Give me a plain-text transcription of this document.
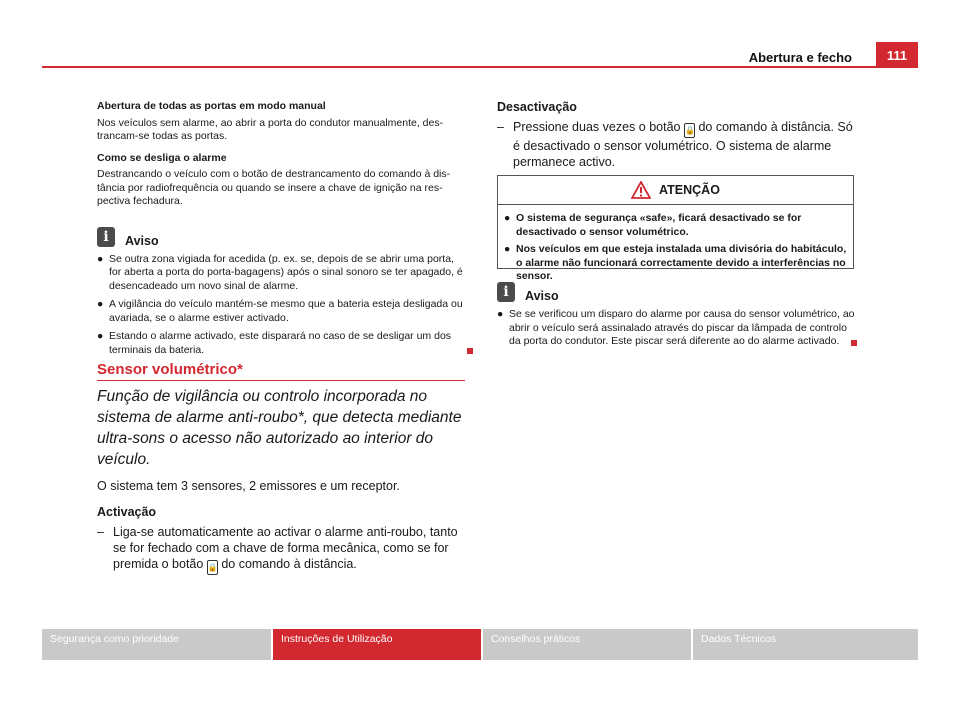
Abertura e fecho	111

Abertura de todas as portas em modo manual

Nos veículos sem alarme, ao abrir a porta do condutor manualmente, destrancam-se todas as portas.

Como se desliga o alarme

Destrancando o veículo com o botão de destrancamento do comando à distância por radiofrequência ou quando se insere a chave de ignição na respectiva fechadura.

i Aviso
● Se outra zona vigiada for acedida (p. ex. se, depois de se abrir uma porta, for aberta a porta do porta-bagagens) após o sinal sonoro se ter apagado, é desencadeado um novo sinal de alarme.
● A vigilância do veículo mantém-se mesmo que a bateria esteja desligada ou avariada, se o alarme estiver activado.
● Estando o alarme activado, este disparará no caso de se desligar um dos terminais da bateria.
Sensor volumétrico*
Função de vigilância ou controlo incorporada no sistema de alarme anti-roubo*, que detecta mediante ultra-sons o acesso não autorizado ao interior do veículo.
O sistema tem 3 sensores, 2 emissores e um receptor.
Activação
– Liga-se automaticamente ao activar o alarme anti-roubo, tanto se for fechado com a chave de forma mecânica, como se for premida o botão 🔒 do comando à distância.
Desactivação
– Pressione duas vezes o botão 🔒 do comando à distância. Só é desactivado o sensor volumétrico. O sistema de alarme permanece activo.
ATENÇÃO
● O sistema de segurança «safe», ficará desactivado se for desactivado o sensor volumétrico.
● Nos veículos em que esteja instalada uma divisória do habitáculo, o alarme não funcionará correctamente devido a interferências no sensor.
i Aviso
● Se se verificou um disparo do alarme por causa do sensor volumétrico, ao abrir o veículo será assinalado através do piscar da lâmpada de controlo da porta do condutor. Este piscar será diferente ao do alarme activado.
Segurança como prioridade	Instruções de Utilização	Conselhos práticos	Dados Técnicos
